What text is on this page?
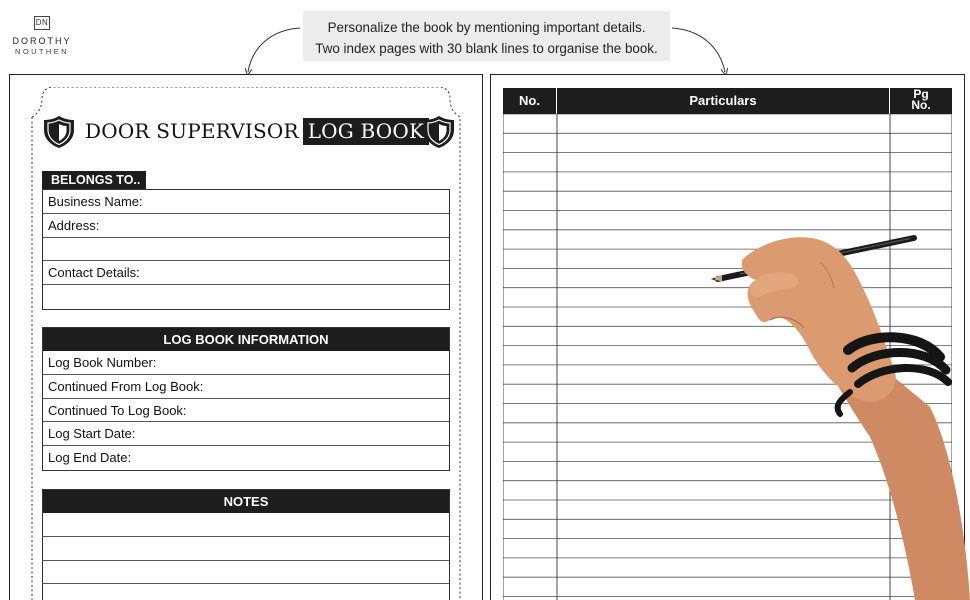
DN
DOROTHY
NOUTHEN
Personalize the book by mentioning important details.
Two index pages with 30 blank lines to organise the book.
DOOR SUPERVISOR LOG BOOK
BELONGS TO..
Business Name:
Address:
Contact Details:
LOG BOOK INFORMATION
Log Book Number:
Continued From Log Book:
Continued To Log Book:
Log Start Date:
Log End Date:
NOTES
No.	Particulars	Pg
No.
